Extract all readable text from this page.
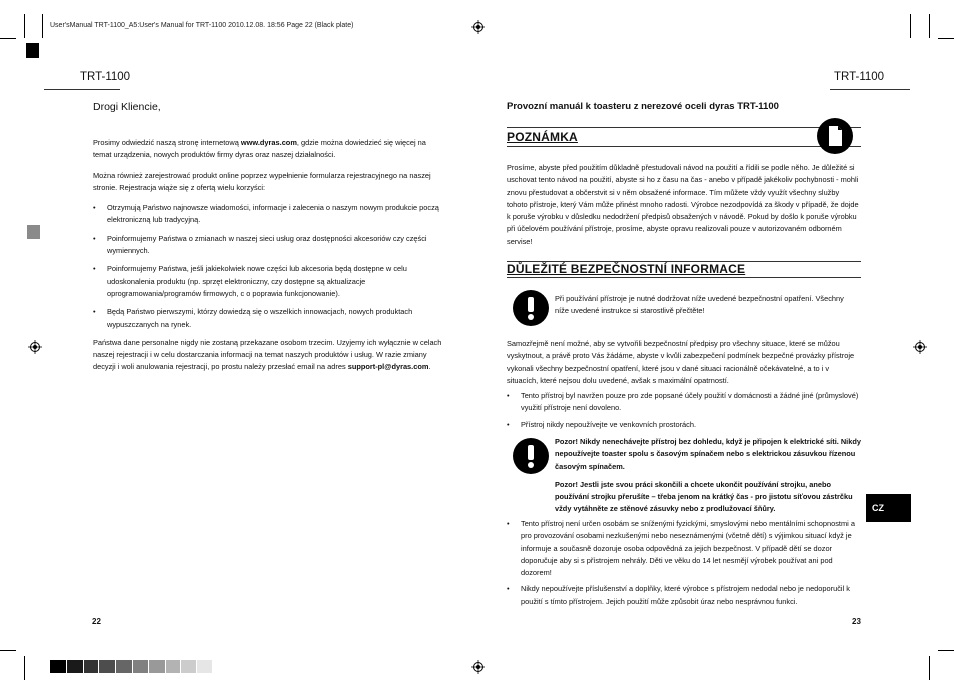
User'sManual TRT-1100_A5:User's Manual for TRT-1100 2010.12.08. 18:56 Page 22 (Black plate)
TRT-1100
Drogi Kliencie,

Prosimy odwiedzić naszą stronę internetową www.dyras.com, gdzie można dowiedzieć się więcej na temat urządzenia, nowych produktów firmy dyras oraz naszej działalności.

Można również zarejestrować produkt online poprzez wypełnienie formularza rejestracyjnego na naszej stronie. Rejestracja wiąże się z ofertą wielu korzyści:

• Otrzymują Państwo najnowsze wiadomości, informacje i zalecenia o naszym nowym produkcie począ elektroniczną lub tradycyjną.
• Poinformujemy Państwa o zmianach w naszej sieci usług oraz dostępności akcesoriów czy części wymiennych.
• Poinformujemy Państwa, jeśli jakiekolwiek nowe części lub akcesoria będą dostępne w celu udoskonalenia produktu (np. sprzęt elektroniczny, czy dostępne są aktualizacje oprogramowania/programów firmowych, c o poprawia funkcjonowanie).
• Będą Państwo pierwszymi, którzy dowiedzą się o wszelkich innowacjach, nowych produktach wypuszczanych na rynek.

Państwa dane personalne nigdy nie zostaną przekazane osobom trzecim. Uzyjemy ich wyłącznie w celach naszej rejestracji i w celu dostarczania informacji na temat naszych produktów i usług. W razie zmiany decyzji i woli anulowania rejestracji, po prostu należy przesłać email na adres support-pl@dyras.com.

22
TRT-1100
Provozní manuál k toasteru z nerezové oceli dyras TRT-1100
POZNÁMKA
Prosíme, abyste před použitím důkladně přestudovali návod na použití a řídili se podle něho. Je důležité si uschovat tento návod na použití, abyste si ho z času na čas - anebo v případě jakékoliv pochybnosti - mohli znovu přestudovat a občerstvit si v něm obsažené informace. Tím můžete vždy využít všechny služby tohoto přístroje, který Vám může přinést mnoho radosti. Výrobce nezodpovídá za škody v případě, že dojde k poruše výrobku v důsledku nedodržení předpisů obsažených v návodě. Pokud by došlo k poruše výrobku při účelovém používání přístroje, prosíme, abyste opravu realizovali pouze v autorizovaném odborném servise!
DŮLEŽITÉ BEZPEČNOSTNÍ INFORMACE
Při používání přístroje je nutné dodržovat níže uvedené bezpečnostní opatření. Všechny níže uvedené instrukce si starostlivě přečtěte!
Samozřejmě není možné, aby se vytvořili bezpečnostní předpisy pro všechny situace, které se můžou vyskytnout, a právě proto Vás žádáme, abyste v kvůli zabezpečení podmínek bezpečné provázky přístroje vykonali všechny bezpečnostní opatření, které jsou v dané situaci racionálně očekávatelné, a to i v situacích, které nejsou dolu uvedené, avšak s maximální opatrností.
• Tento přístroj byl navržen pouze pro zde popsané účely použití v domácnosti a žádné jiné (průmyslové) využití přístroje není dovoleno.
• Přístroj nikdy nepoužívejte ve venkovních prostorách.

Pozor! Nikdy nenechávejte přístroj bez dohledu, když je připojen k elektrické síti. Nikdy nepoužívejte toaster spolu s časovým spínačem nebo s elektrickou zásuvkou řízenou časovým spínačem.

Pozor! Jestli jste svou práci skončili a chcete ukončit používání strojku, anebo používání strojku přerušíte – třeba jenom na krátký čas - pro jistotu síťovou zástrčku vždy vytáhněte ze stěnové zásuvky nebo z prodlužovací šňůry.

• Tento přístroj není určen osobám se sníženými fyzickými, smyslovými nebo mentálními schopnostmi a pro provozování osobami nezkušenými nebo neseznámenými (včetně dětí) s výjimkou situací když je informuje a současně dozoruje osoba odpovědná za jejich bezpečnost. V případě dětí se dozor doporučuje aby si s přístrojem nehrály. Děti ve věku do 14 let nesmějí výrobek používat ani pod dozorem!
• Nikdy nepoužívejte příslušenství a doplňky, které výrobce s přístrojem nedodal nebo je nedoporučil k použití s tímto přístrojem. Jejich použití může způsobit úraz nebo nesprávnou funkci.
CZ
23
